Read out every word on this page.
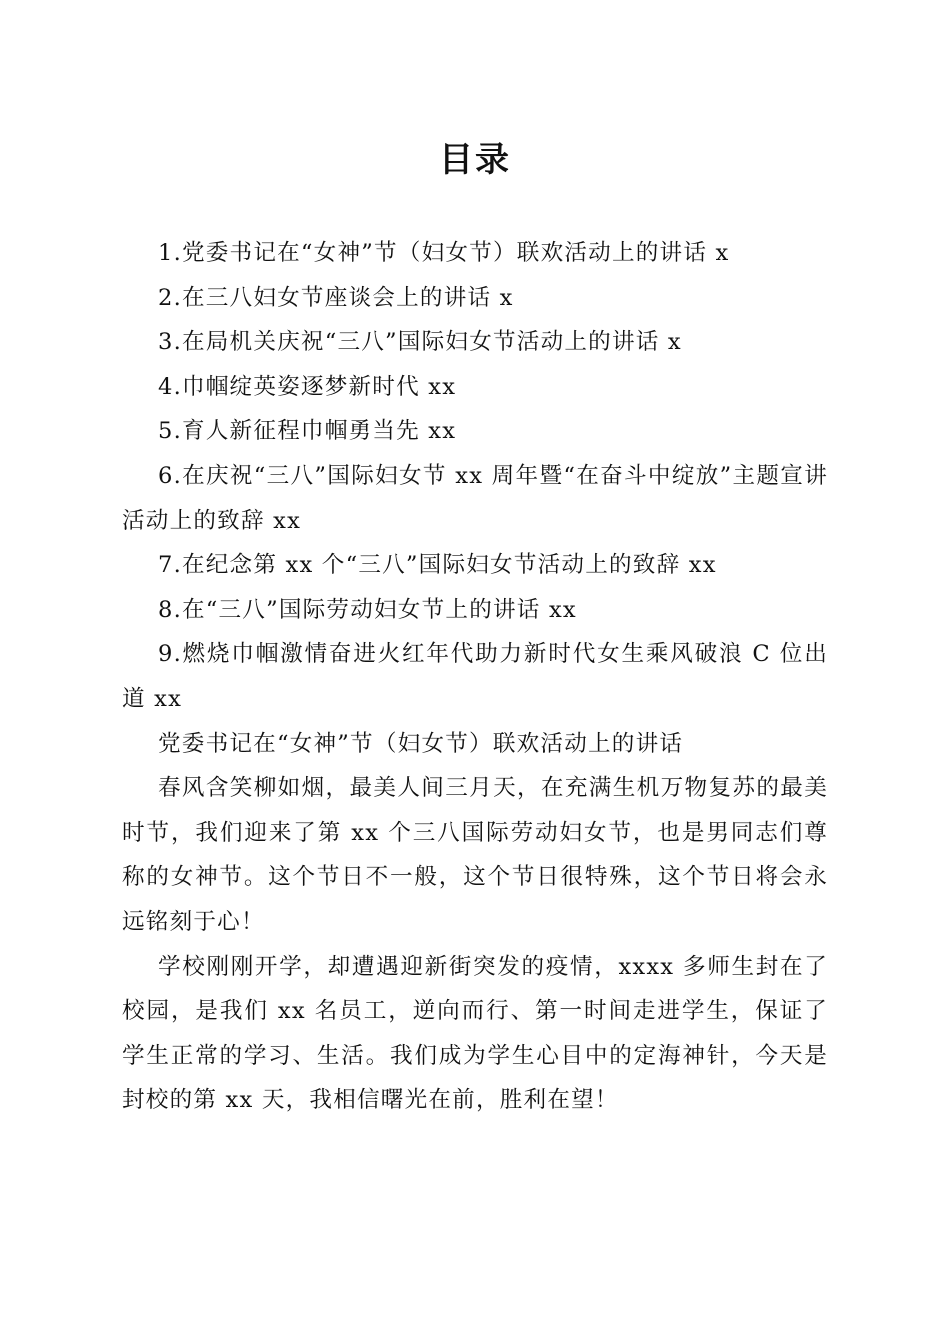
目录

1.党委书记在“女神”节（妇女节）联欢活动上的讲话 x

2.在三八妇女节座谈会上的讲话 x

3.在局机关庆祝“三八”国际妇女节活动上的讲话 x

4.巾帼绽英姿逐梦新时代 xx

5.育人新征程巾帼勇当先 xx

6.在庆祝“三八”国际妇女节 xx 周年暨“在奋斗中绽放”主题宣讲活动上的致辞 xx

7.在纪念第 xx 个“三八”国际妇女节活动上的致辞 xx

8.在“三八”国际劳动妇女节上的讲话 xx

9.燃烧巾帼激情奋进火红年代助力新时代女生乘风破浪 C 位出道 xx

党委书记在“女神”节（妇女节）联欢活动上的讲话

春风含笑柳如烟，最美人间三月天，在充满生机万物复苏的最美时节，我们迎来了第 xx 个三八国际劳动妇女节，也是男同志们尊称的女神节。这个节日不一般，这个节日很特殊，这个节日将会永远铭刻于心！

学校刚刚开学，却遭遇迎新街突发的疫情，xxxx 多师生封在了校园，是我们 xx 名员工，逆向而行、第一时间走进学生，保证了学生正常的学习、生活。我们成为学生心目中的定海神针，今天是封校的第 xx 天，我相信曙光在前，胜利在望！
